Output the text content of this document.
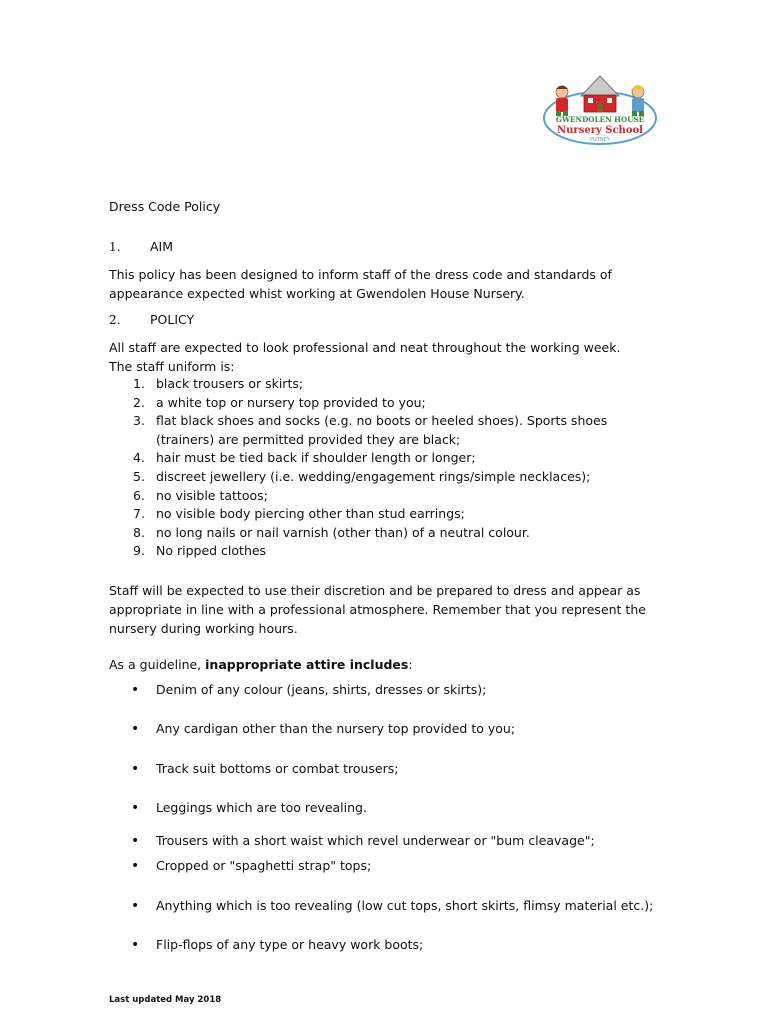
GWENDOLEN HOUSE
Nursery School
PUTNEY
Dress Code Policy
1. AIM

This policy has been designed to inform staff of the dress code and standards of appearance expected whist working at Gwendolen House Nursery.

2. POLICY

All staff are expected to look professional and neat throughout the working week. The staff uniform is:

1. black trousers or skirts;
2. a white top or nursery top provided to you;
3. flat black shoes and socks (e.g. no boots or heeled shoes). Sports shoes (trainers) are permitted provided they are black;
4. hair must be tied back if shoulder length or longer;
5. discreet jewellery (i.e. wedding/engagement rings/simple necklaces);
6. no visible tattoos;
7. no visible body piercing other than stud earrings;
8. no long nails or nail varnish (other than) of a neutral colour.
9. No ripped clothes

Staff will be expected to use their discretion and be prepared to dress and appear as appropriate in line with a professional atmosphere. Remember that you represent the nursery during working hours.

As a guideline, inappropriate attire includes:

• Denim of any colour (jeans, shirts, dresses or skirts);
• Any cardigan other than the nursery top provided to you;
• Track suit bottoms or combat trousers;
• Leggings which are too revealing.
• Trousers with a short waist which revel underwear or "bum cleavage";
• Cropped or "spaghetti strap" tops;
• Anything which is too revealing (low cut tops, short skirts, flimsy material etc.);
• Flip-flops of any type or heavy work boots;
Last updated May 2018
